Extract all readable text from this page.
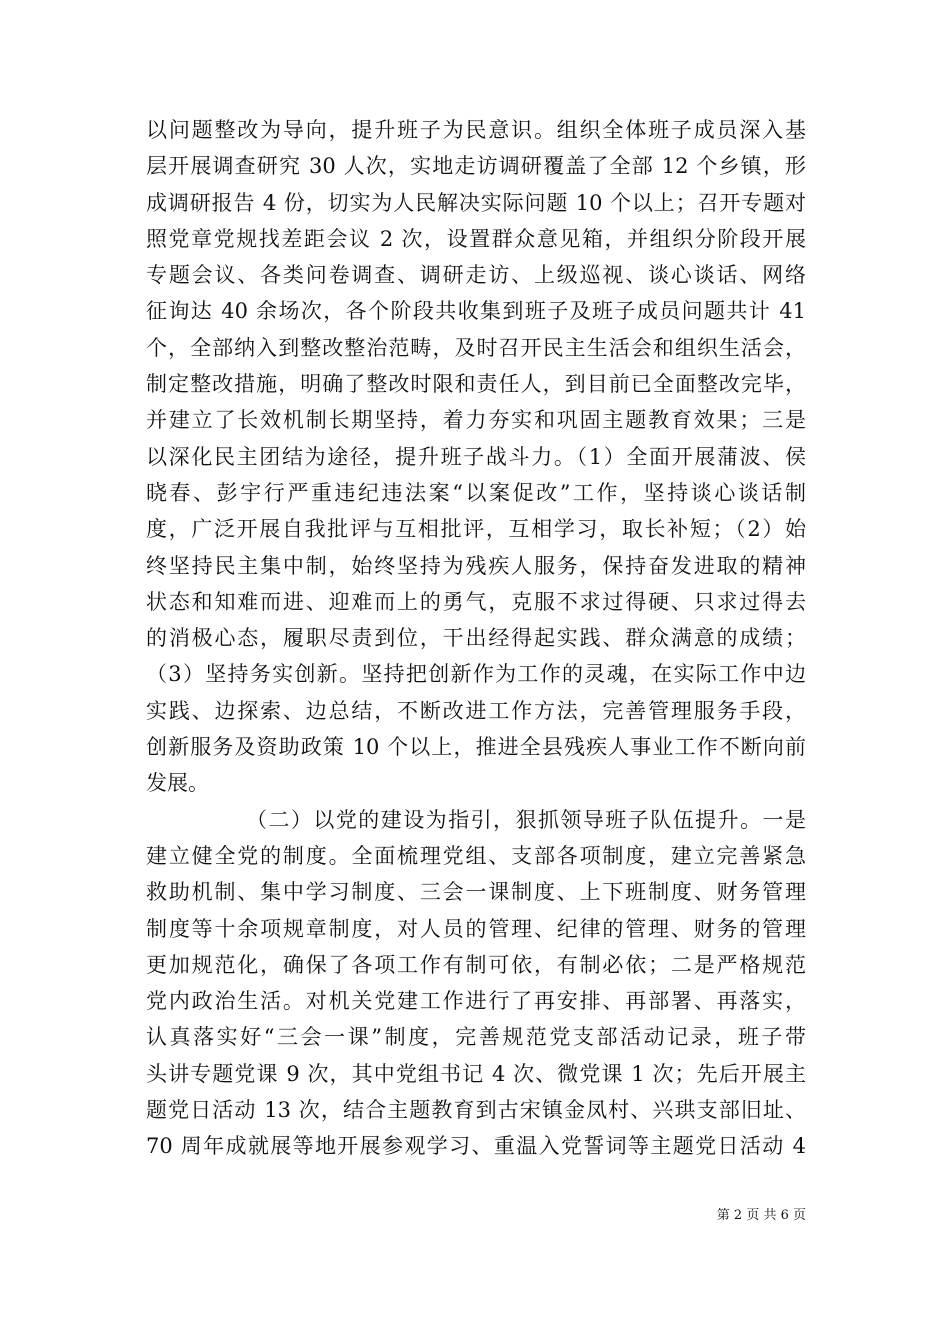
以问题整改为导向，提升班子为民意识。组织全体班子成员深入基
层开展调查研究 30 人次，实地走访调研覆盖了全部 12 个乡镇，形
成调研报告 4 份，切实为人民解决实际问题 10 个以上；召开专题对
照党章党规找差距会议 2 次，设置群众意见箱，并组织分阶段开展
专题会议、各类问卷调查、调研走访、上级巡视、谈心谈话、网络
征询达 40 余场次，各个阶段共收集到班子及班子成员问题共计 41
个，全部纳入到整改整治范畴，及时召开民主生活会和组织生活会，
制定整改措施，明确了整改时限和责任人，到目前已全面整改完毕，
并建立了长效机制长期坚持，着力夯实和巩固主题教育效果；三是
以深化民主团结为途径，提升班子战斗力。（1）全面开展蒲波、侯
晓春、彭宇行严重违纪违法案“以案促改”工作，坚持谈心谈话制
度，广泛开展自我批评与互相批评，互相学习，取长补短；（2）始
终坚持民主集中制，始终坚持为残疾人服务，保持奋发进取的精神
状态和知难而进、迎难而上的勇气，克服不求过得硬、只求过得去
的消极心态，履职尽责到位，干出经得起实践、群众满意的成绩；
（3）坚持务实创新。坚持把创新作为工作的灵魂，在实际工作中边
实践、边探索、边总结，不断改进工作方法，完善管理服务手段，
创新服务及资助政策 10 个以上，推进全县残疾人事业工作不断向前
发展。
（二）以党的建设为指引，狠抓领导班子队伍提升。一是
建立健全党的制度。全面梳理党组、支部各项制度，建立完善紧急
救助机制、集中学习制度、三会一课制度、上下班制度、财务管理
制度等十余项规章制度，对人员的管理、纪律的管理、财务的管理
更加规范化，确保了各项工作有制可依，有制必依；二是严格规范
党内政治生活。对机关党建工作进行了再安排、再部署、再落实，
认真落实好“三会一课”制度，完善规范党支部活动记录，班子带
头讲专题党课 9 次，其中党组书记 4 次、微党课 1 次；先后开展主
题党日活动 13 次，结合主题教育到古宋镇金凤村、兴珙支部旧址、
70 周年成就展等地开展参观学习、重温入党誓词等主题党日活动 4
第 2 页 共 6 页
